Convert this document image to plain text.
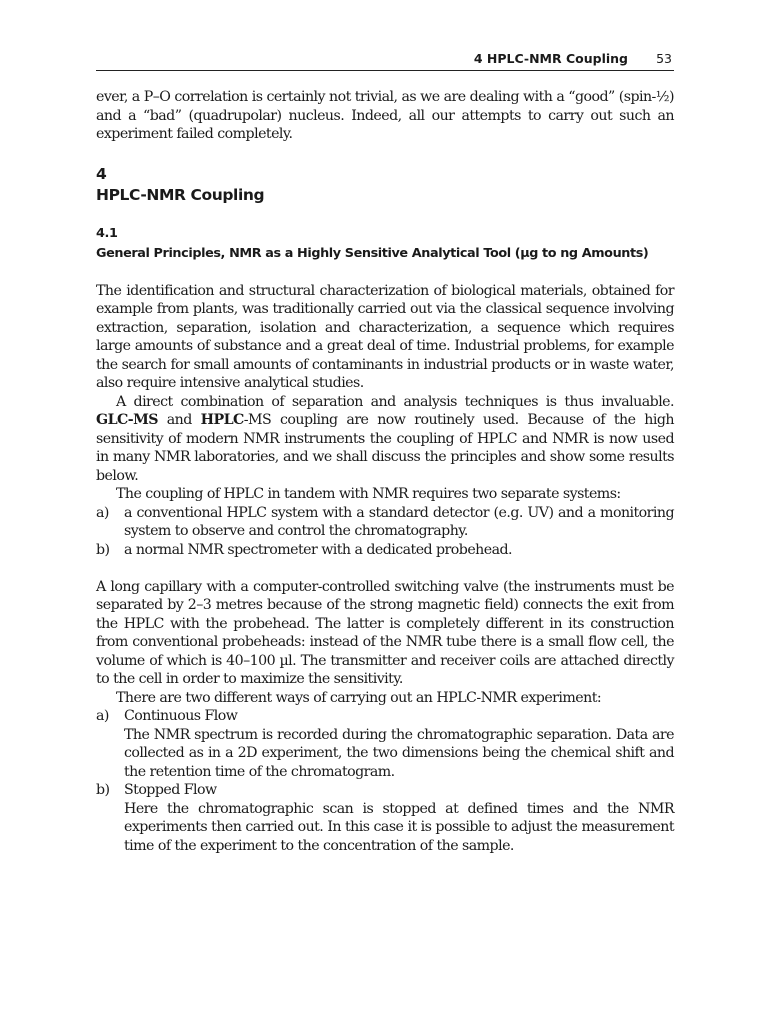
4 HPLC-NMR Coupling 53

ever, a P–O correlation is certainly not trivial, as we are dealing with a “good” (spin-½) and a “bad” (quadrupolar) nucleus. Indeed, all our attempts to carry out such an experiment failed completely.

4
HPLC-NMR Coupling
4.1
General Principles, NMR as a Highly Sensitive Analytical Tool (µg to ng Amounts)

The identification and structural characterization of biological materials, obtained for example from plants, was traditionally carried out via the classical sequence involving extraction, separation, isolation and characterization, a sequence which requires large amounts of substance and a great deal of time. Industrial problems, for example the search for small amounts of contaminants in industrial products or in waste water, also require intensive analytical studies.

A direct combination of separation and analysis techniques is thus invaluable. GLC-MS and HPLC-MS coupling are now routinely used. Because of the high sensitivity of modern NMR instruments the coupling of HPLC and NMR is now used in many NMR laboratories, and we shall discuss the principles and show some results below.

The coupling of HPLC in tandem with NMR requires two separate systems:

a) a conventional HPLC system with a standard detector (e.g. UV) and a monitoring system to observe and control the chromatography.
b) a normal NMR spectrometer with a dedicated probehead.

A long capillary with a computer-controlled switching valve (the instruments must be separated by 2–3 metres because of the strong magnetic field) connects the exit from the HPLC with the probehead. The latter is completely different in its construction from conventional probeheads: instead of the NMR tube there is a small flow cell, the volume of which is 40–100 µl. The transmitter and receiver coils are attached directly to the cell in order to maximize the sensitivity.

There are two different ways of carrying out an HPLC-NMR experiment:

a) Continuous Flow
The NMR spectrum is recorded during the chromatographic separation. Data are collected as in a 2D experiment, the two dimensions being the chemical shift and the retention time of the chromatogram.
b) Stopped Flow
Here the chromatographic scan is stopped at defined times and the NMR experiments then carried out. In this case it is possible to adjust the measurement time of the experiment to the concentration of the sample.
